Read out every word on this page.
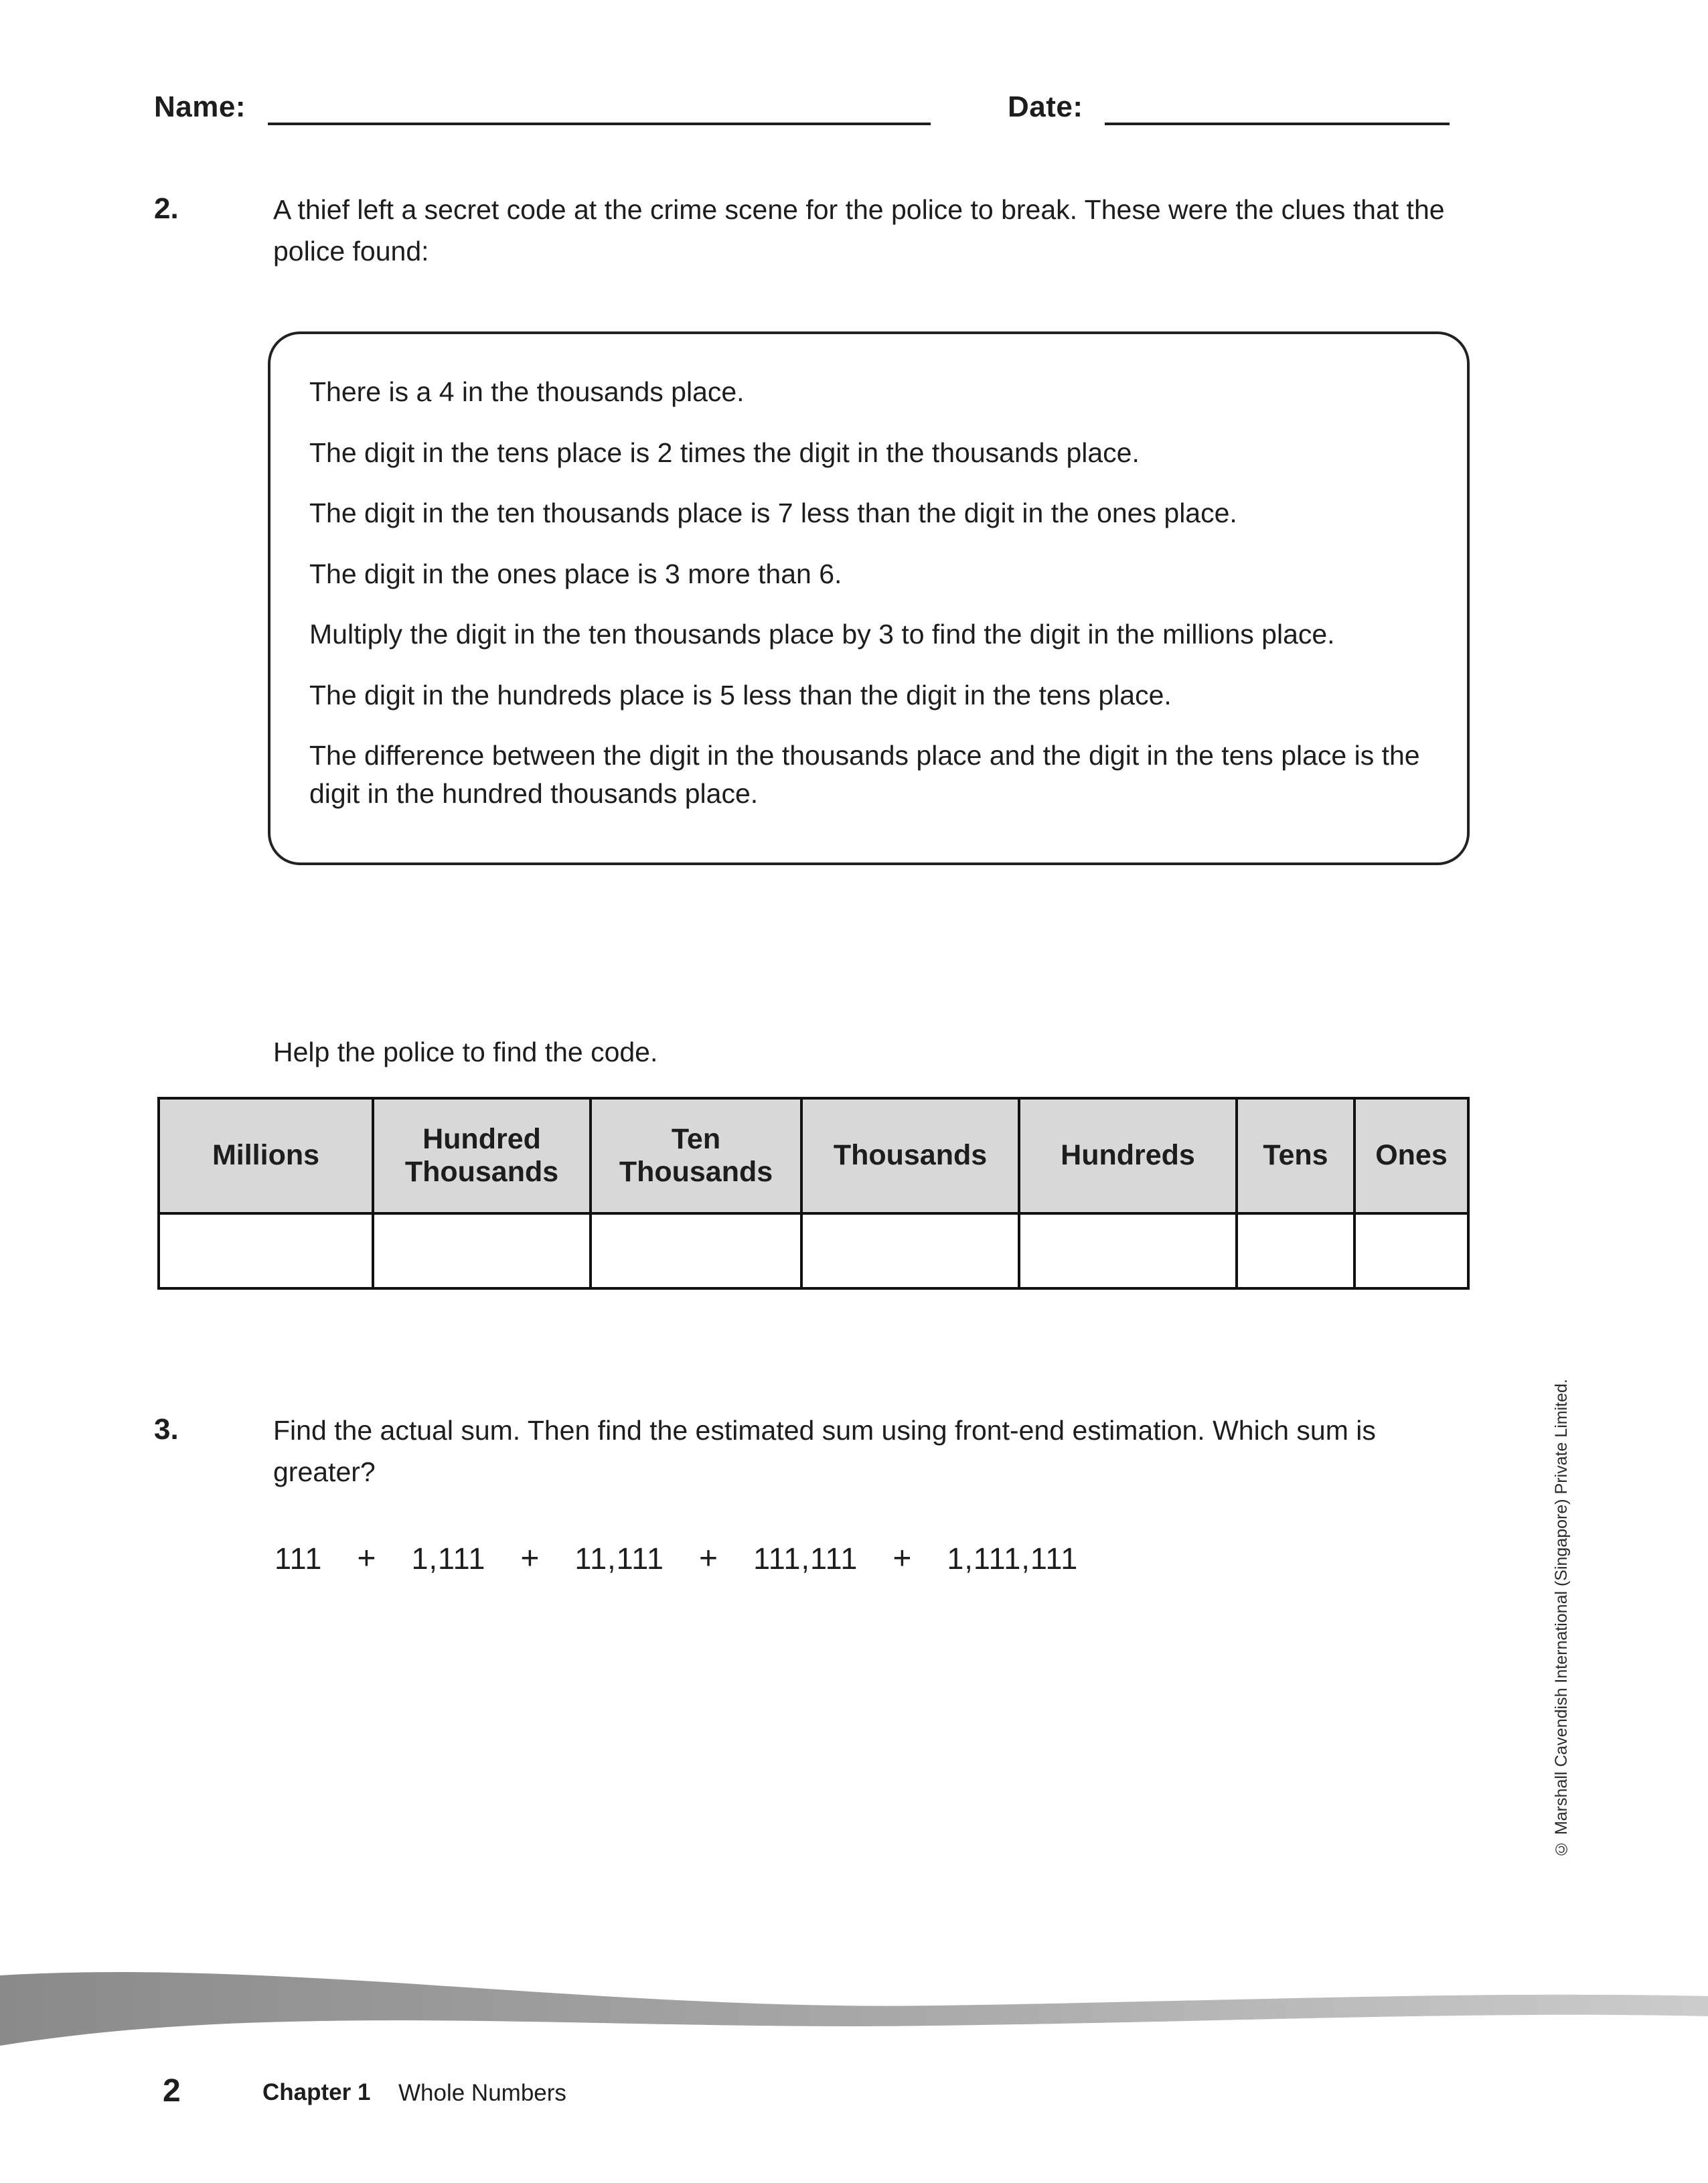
Name:	Date:
2.	A thief left a secret code at the crime scene for the police to break. These were the clues that the police found:
There is a 4 in the thousands place.
The digit in the tens place is 2 times the digit in the thousands place.
The digit in the ten thousands place is 7 less than the digit in the ones place.
The digit in the ones place is 3 more than 6.
Multiply the digit in the ten thousands place by 3 to find the digit in the millions place.
The digit in the hundreds place is 5 less than the digit in the tens place.
The difference between the digit in the thousands place and the digit in the tens place is the digit in the hundred thousands place.
Help the police to find the code.
Millions	Hundred Thousands	Ten Thousands	Thousands	Hundreds	Tens	Ones

3.	Find the actual sum. Then find the estimated sum using front-end estimation. Which sum is greater?
111 + 1,111 + 11,111 + 111,111 + 1,111,111	© Marshall Cavendish International (Singapore) Private Limited.
2	Chapter 1 Whole Numbers
